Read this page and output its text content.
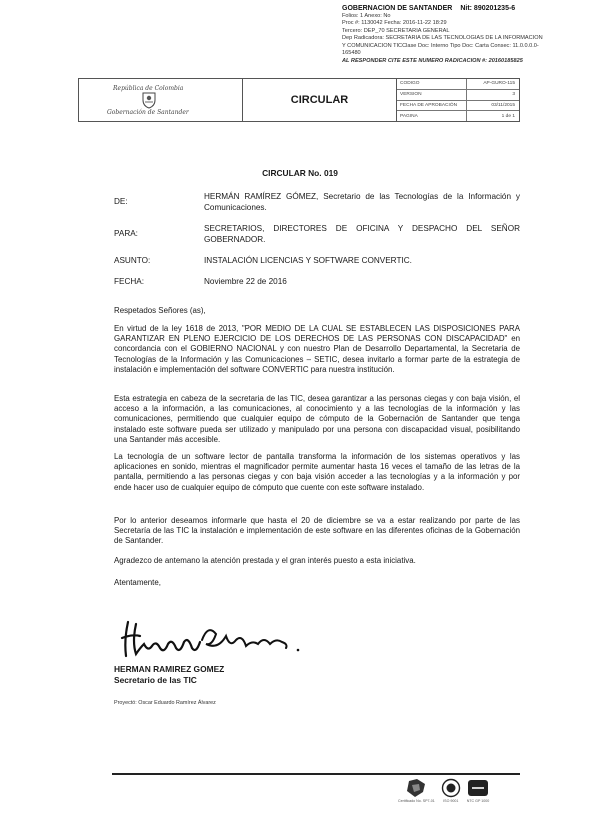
GOBERNACIÓN DE SANTANDER Nit: 890201235-6
Folios: 1 Anexo: No
Proc #: 1130042 Fecha: 2016-11-22 18:29
Tercero: DEP_70 SECRETARIA GENERAL
Dep Radicadora: SECRETARIA DE LAS TECNOLOGIAS DE LA INFORMACIÓN
Y COMUNICACIÓN TICClase Doc: Interno Tipo Doc: Carta Consec: 11.0.0.0.0-
165480
AL RESPONDER CITE ESTE NUMERO RADICACIÓN #: 20160185825
República de Colombia
Gobernación de Santander
CIRCULAR
CODIGO	AP-GURO-115
VERSION	3
FECHA DE APROBACIÓN	03/11/2015
PAGINA	1 de 1
CIRCULAR No. 019
DE:
HERMÁN RAMÍREZ GÓMEZ, Secretario de las Tecnologías de la Información y Comunicaciones.
PARA:
SECRETARIOS, DIRECTORES DE OFICINA Y DESPACHO DEL SEÑOR GOBERNADOR.
ASUNTO:	INSTALACIÓN LICENCIAS Y SOFTWARE CONVERTIC.
FECHA:	Noviembre 22 de 2016
Respetados Señores (as),
En virtud de la ley 1618 de 2013, "POR MEDIO DE LA CUAL SE ESTABLECEN LAS DISPOSICIONES PARA GARANTIZAR EN PLENO EJERCICIO DE LOS DERECHOS DE LAS PERSONAS CON DISCAPACIDAD" en concordancia con el GOBIERNO NACIONAL y con nuestro Plan de Desarrollo Departamental, la Secretaria de Tecnologías de la Información y las Comunicaciones – SETIC, desea invitarlo a formar parte de la estrategia de instalación e implementación del software CONVERTIC para nuestra institución.
Esta estrategia en cabeza de la secretaria de las TIC, desea garantizar a las personas ciegas y con baja visión, el acceso a la información, a las comunicaciones, al conocimiento y a las tecnologías de la información y las comunicaciones, permitiendo que cualquier equipo de cómputo de la Gobernación de Santander que tenga instalado este software pueda ser utilizado y manipulado por una persona con discapacidad visual, posibilitando una Santander más accesible.
La tecnología de un software lector de pantalla transforma la información de los sistemas operativos y las aplicaciones en sonido, mientras el magnificador permite aumentar hasta 16 veces el tamaño de las letras de la pantalla, permitiendo a las personas ciegas y con baja visión acceder a las tecnologías y a la información y por ende hacer uso de cualquier equipo de cómputo que cuente con este software instalado.
Por lo anterior deseamos informarle que hasta el 20 de diciembre se va a estar realizando por parte de las Secretaría de las TIC la instalación e implementación de este software en las diferentes oficinas de la Gobernación de Santander.
Agradezco de antemano la atención prestada y el gran interés puesto a esta iniciativa.
Atentamente,
HERMAN RAMIREZ GOMEZ
Secretario de las TIC
Proyectó: Oscar Eduardo Ramírez Álvarez
Certificado No. SP7-01 ISO 9001 NTC GP 1000
